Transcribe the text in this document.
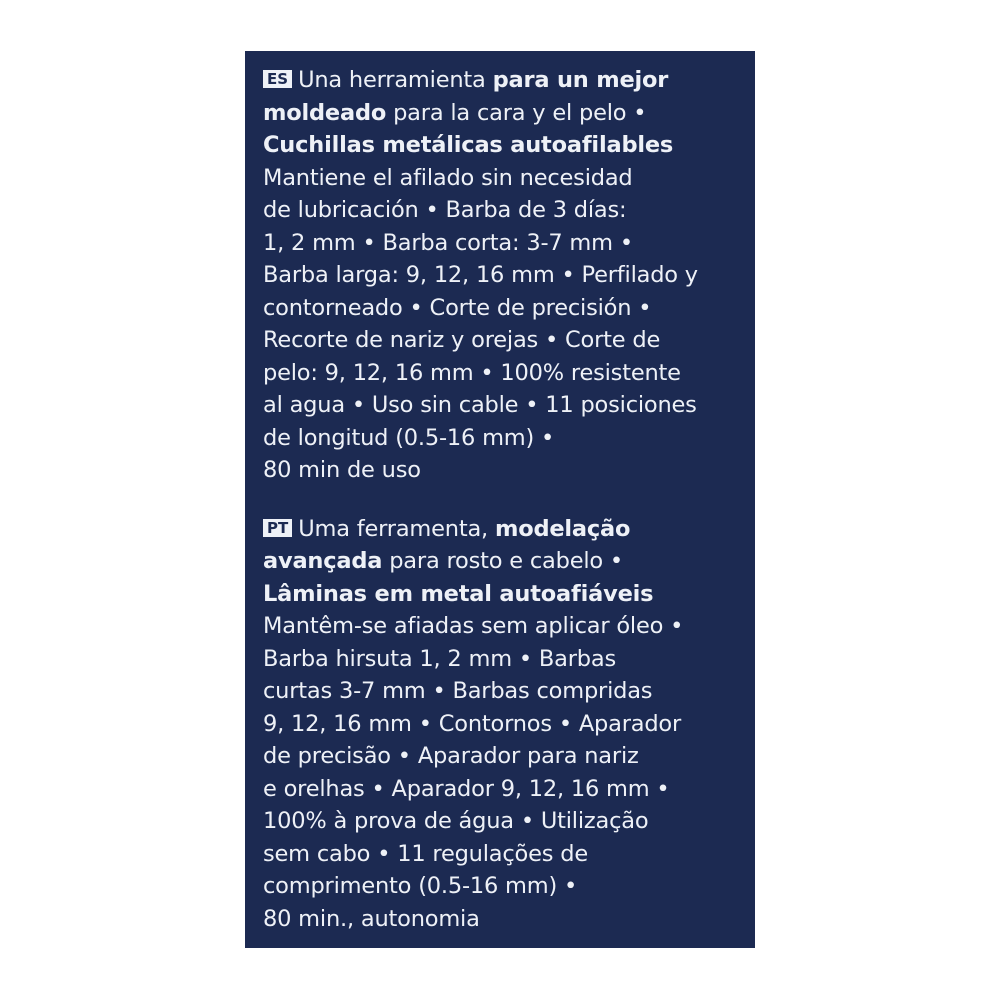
ES Una herramienta para un mejor
moldeado para la cara y el pelo •
Cuchillas metálicas autoafilables
Mantiene el afilado sin necesidad
de lubricación • Barba de 3 días:
1, 2 mm • Barba corta: 3-7 mm •
Barba larga: 9, 12, 16 mm • Perfilado y
contorneado • Corte de precisión •
Recorte de nariz y orejas • Corte de
pelo: 9, 12, 16 mm • 100% resistente
al agua • Uso sin cable • 11 posiciones
de longitud (0.5-16 mm) •
80 min de uso
PT Uma ferramenta, modelação
avançada para rosto e cabelo •
Lâminas em metal autoafiáveis
Mantêm-se afiadas sem aplicar óleo •
Barba hirsuta 1, 2 mm • Barbas
curtas 3-7 mm • Barbas compridas
9, 12, 16 mm • Contornos • Aparador
de precisão • Aparador para nariz
e orelhas • Aparador 9, 12, 16 mm •
100% à prova de água • Utilização
sem cabo • 11 regulações de
comprimento (0.5-16 mm) •
80 min., autonomia
